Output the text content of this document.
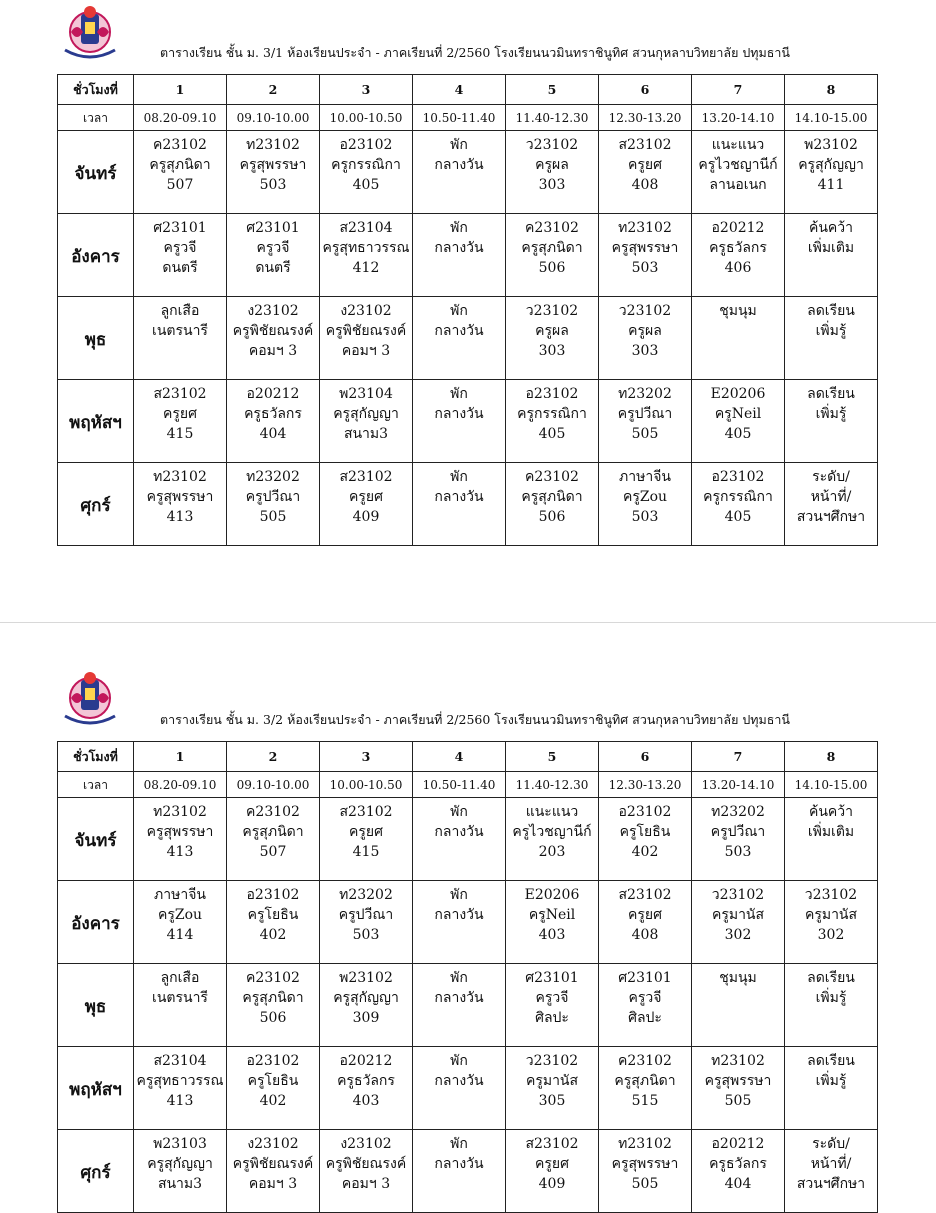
ตารางเรียน ชั้น ม. 3/1 ห้องเรียนประจำ - ภาคเรียนที่ 2/2560 โรงเรียนนวมินทราชินูทิศ สวนกุหลาบวิทยาลัย ปทุมธานี
ชั่วโมงที่	1	2	3	4	5	6	7	8
เวลา	08.20-09.10	09.10-10.00	10.00-10.50	10.50-11.40	11.40-12.30	12.30-13.20	13.20-14.10	14.10-15.00
จันทร์	ค23102
ครูสุภนิดา
507	ท23102
ครูสุพรรษา
503	อ23102
ครูกรรณิกา
405	พัก
กลางวัน	ว23102
ครูผล
303	ส23102
ครูยศ
408	แนะแนว
ครูไวชญานีก์
ลานอเนก	พ23102
ครูสุกัญญา
411

อังคาร	ศ23101
ครูวจี
ดนตรี	ศ23101
ครูวจี
ดนตรี	ส23104
ครูสุทธาวรรณ
412	พัก
กลางวัน	ค23102
ครูสุภนิดา
506	ท23102
ครูสุพรรษา
503	อ20212
ครูธวัลกร
406	ค้นคว้า
เพิ่มเติม

พุธ	ลูกเสือ
เนตรนารี	ง23102
ครูพิชัยณรงค์
คอมฯ 3	ง23102
ครูพิชัยณรงค์
คอมฯ 3	พัก
กลางวัน	ว23102
ครูผล
303	ว23102
ครูผล
303	ชุมนุม	ลดเรียน
เพิ่มรู้

พฤหัสฯ	ส23102
ครูยศ
415	อ20212
ครูธวัลกร
404	พ23104
ครูสุกัญญา
สนาม3	พัก
กลางวัน	อ23102
ครูกรรณิกา
405	ท23202
ครูปวีณา
505	E20206
ครูNeil
405	ลดเรียน
เพิ่มรู้

ศุกร์	ท23102
ครูสุพรรษา
413	ท23202
ครูปวีณา
505	ส23102
ครูยศ
409	พัก
กลางวัน	ค23102
ครูสุภนิดา
506	ภาษาจีน
ครูZou
503	อ23102
ครูกรรณิกา
405	ระดับ/
หน้าที่/
สวนฯศึกษา
ตารางเรียน ชั้น ม. 3/2 ห้องเรียนประจำ - ภาคเรียนที่ 2/2560 โรงเรียนนวมินทราชินูทิศ สวนกุหลาบวิทยาลัย ปทุมธานี
ชั่วโมงที่	1	2	3	4	5	6	7	8
เวลา	08.20-09.10	09.10-10.00	10.00-10.50	10.50-11.40	11.40-12.30	12.30-13.20	13.20-14.10	14.10-15.00
จันทร์	ท23102
ครูสุพรรษา
413	ค23102
ครูสุภนิดา
507	ส23102
ครูยศ
415	พัก
กลางวัน	แนะแนว
ครูไวชญานีก์
203	อ23102
ครูโยธิน
402	ท23202
ครูปวีณา
503	ค้นคว้า
เพิ่มเติม

อังคาร	ภาษาจีน
ครูZou
414	อ23102
ครูโยธิน
402	ท23202
ครูปวีณา
503	พัก
กลางวัน	E20206
ครูNeil
403	ส23102
ครูยศ
408	ว23102
ครูมานัส
302	ว23102
ครูมานัส
302

พุธ	ลูกเสือ
เนตรนารี	ค23102
ครูสุภนิดา
506	พ23102
ครูสุกัญญา
309	พัก
กลางวัน	ศ23101
ครูวจี
ศิลปะ	ศ23101
ครูวจี
ศิลปะ	ชุมนุม	ลดเรียน
เพิ่มรู้

พฤหัสฯ	ส23104
ครูสุทธาวรรณ
413	อ23102
ครูโยธิน
402	อ20212
ครูธวัลกร
403	พัก
กลางวัน	ว23102
ครูมานัส
305	ค23102
ครูสุภนิดา
515	ท23102
ครูสุพรรษา
505	ลดเรียน
เพิ่มรู้

ศุกร์	พ23103
ครูสุกัญญา
สนาม3	ง23102
ครูพิชัยณรงค์
คอมฯ 3	ง23102
ครูพิชัยณรงค์
คอมฯ 3	พัก
กลางวัน	ส23102
ครูยศ
409	ท23102
ครูสุพรรษา
505	อ20212
ครูธวัลกร
404	ระดับ/
หน้าที่/
สวนฯศึกษา
